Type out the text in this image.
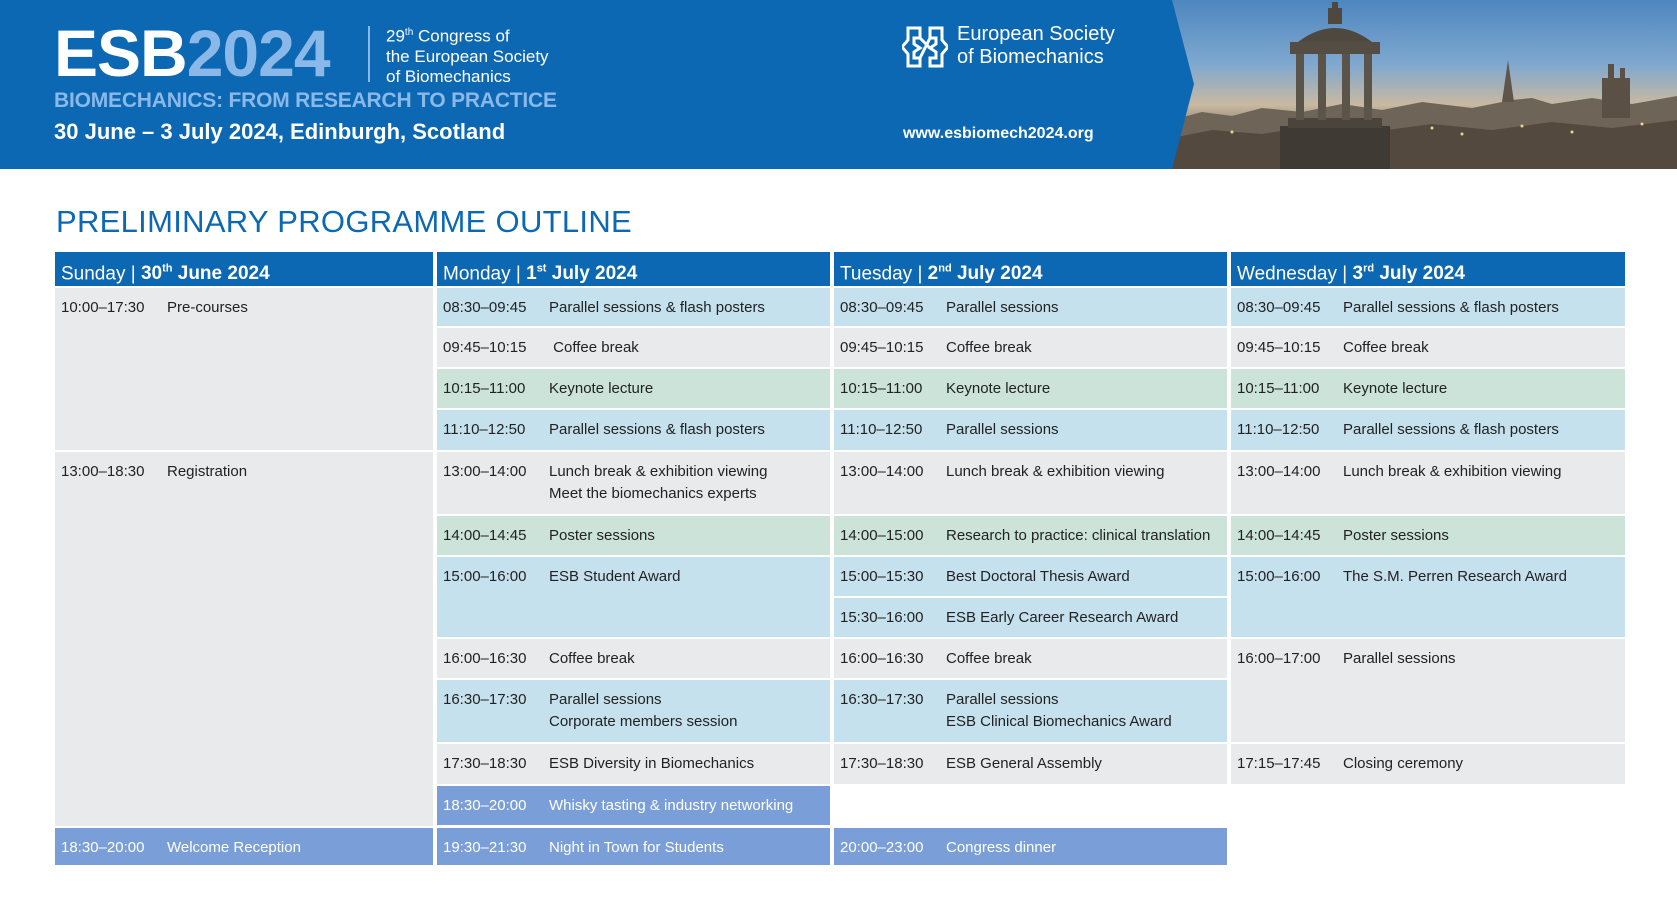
ESB2024	29th Congress of
the European Society
of Biomechanics
BIOMECHANICS: FROM RESEARCH TO PRACTICE
30 June – 3 July 2024, Edinburgh, Scotland
European Society
of Biomechanics
www.esbiomech2024.org
PRELIMINARY PROGRAMME OUTLINE
Sunday | 30th June 2024
10:00–17:30 Pre-courses
13:00–18:30 Registration
18:30–20:00 Welcome Reception
Monday | 1st July 2024
08:30–09:45 Parallel sessions & flash posters
09:45–10:15 Coffee break
10:15–11:00 Keynote lecture
11:10–12:50 Parallel sessions & flash posters
13:00–14:00 Lunch break & exhibition viewing
Meet the biomechanics experts
14:00–14:45 Poster sessions
15:00–16:00 ESB Student Award
16:00–16:30 Coffee break
16:30–17:30 Parallel sessions
Corporate members session
17:30–18:30 ESB Diversity in Biomechanics
18:30–20:00 Whisky tasting & industry networking
19:30–21:30 Night in Town for Students
Tuesday | 2nd July 2024
08:30–09:45 Parallel sessions
09:45–10:15 Coffee break
10:15–11:00 Keynote lecture
11:10–12:50 Parallel sessions
13:00–14:00 Lunch break & exhibition viewing
14:00–15:00 Research to practice: clinical translation
15:00–15:30 Best Doctoral Thesis Award
15:30–16:00 ESB Early Career Research Award
16:00–16:30 Coffee break
16:30–17:30 Parallel sessions
ESB Clinical Biomechanics Award
17:30–18:30 ESB General Assembly
20:00–23:00 Congress dinner
Wednesday | 3rd July 2024
08:30–09:45 Parallel sessions & flash posters
09:45–10:15 Coffee break
10:15–11:00 Keynote lecture
11:10–12:50 Parallel sessions & flash posters
13:00–14:00 Lunch break & exhibition viewing
14:00–14:45 Poster sessions
15:00–16:00 The S.M. Perren Research Award
16:00–17:00 Parallel sessions
17:15–17:45 Closing ceremony
